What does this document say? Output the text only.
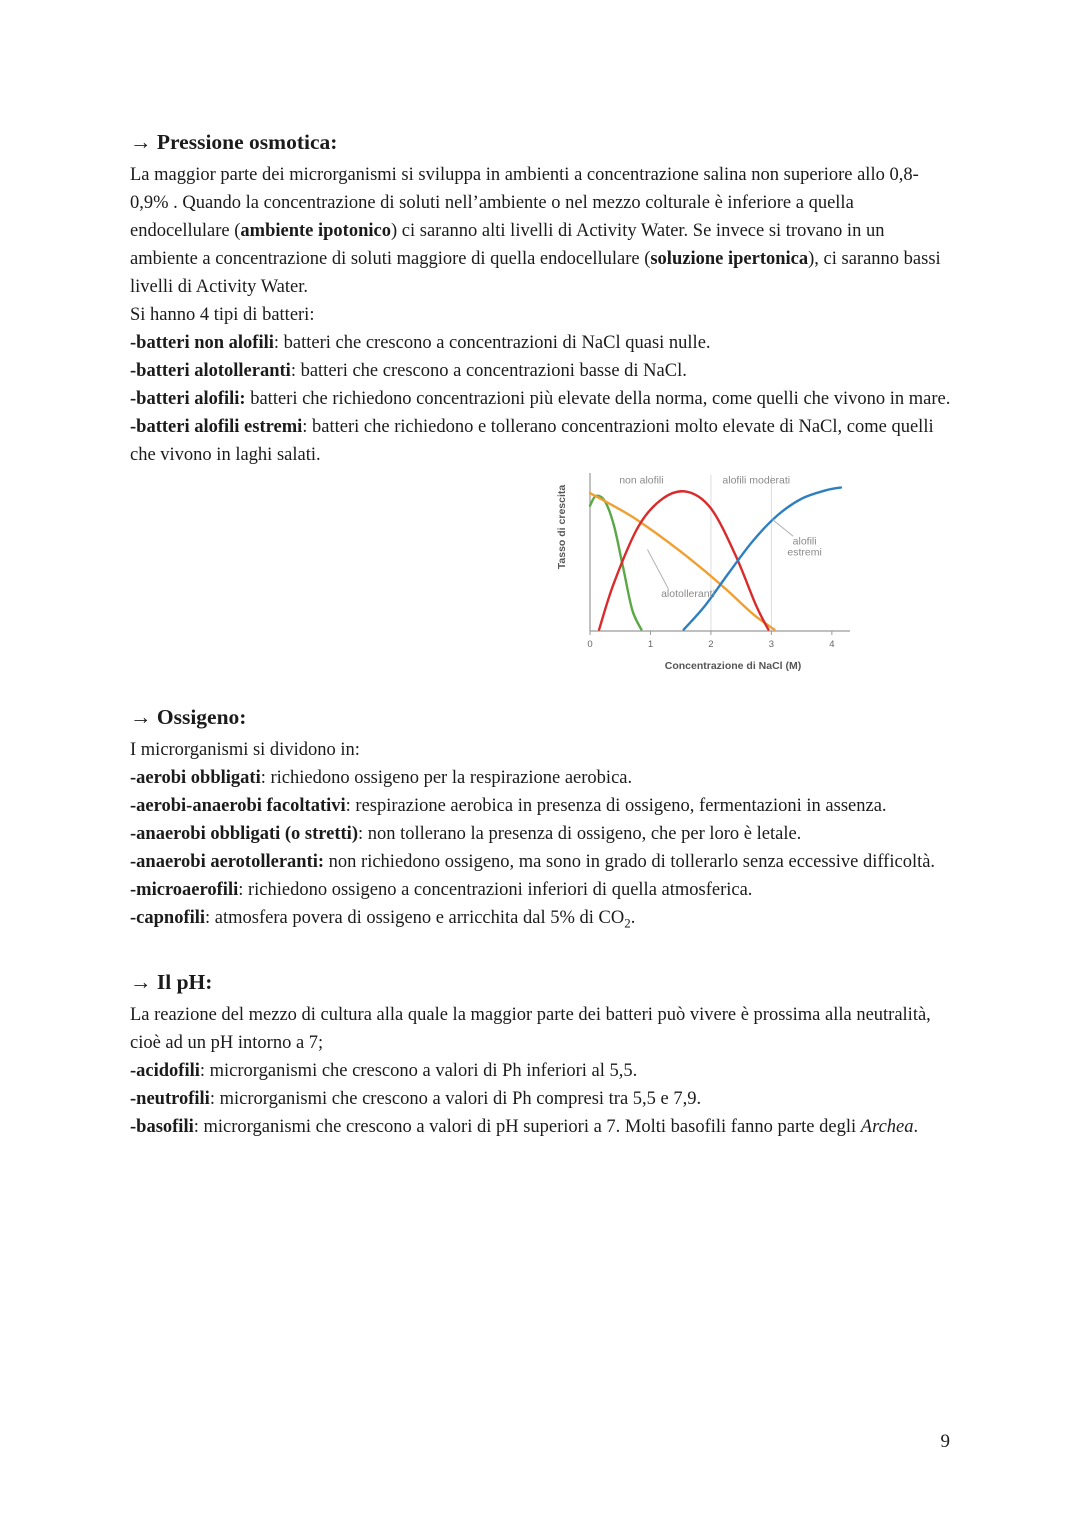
→ Pressione osmotica:

La maggior parte dei microrganismi si sviluppa in ambienti a concentrazione salina non superiore allo 0,8-0,9% . Quando la concentrazione di soluti nell’ambiente o nel mezzo colturale è inferiore a quella endocellulare (ambiente ipotonico) ci saranno alti livelli di Activity Water. Se invece si trovano in un ambiente a concentrazione di soluti maggiore di quella endocellulare (soluzione ipertonica), ci saranno bassi livelli di Activity Water.

Si hanno 4 tipi di batteri:

-batteri non alofili: batteri che crescono a concentrazioni di NaCl quasi nulle.

-batteri alotolleranti: batteri che crescono a concentrazioni basse di NaCl.

-batteri alofili: batteri che richiedono concentrazioni più elevate della norma, come quelli che vivono in mare.

-batteri alofili estremi: batteri che richiedono e tollerano concentrazioni molto elevate di NaCl, come quelli che vivono in laghi salati.

0	1	2	3	4
non alofili	alofili moderati
alofili estremi
alotolleranti
Concentrazione di NaCl (M)
Tasso di crescita
→ Ossigeno:

I microrganismi si dividono in:

-aerobi obbligati: richiedono ossigeno per la respirazione aerobica.

-aerobi-anaerobi facoltativi: respirazione aerobica in presenza di ossigeno, fermentazioni in assenza.

-anaerobi obbligati (o stretti): non tollerano la presenza di ossigeno, che per loro è letale.

-anaerobi aerotolleranti: non richiedono ossigeno, ma sono in grado di tollerarlo senza eccessive difficoltà.

-microaerofili: richiedono ossigeno a concentrazioni inferiori di quella atmosferica.

-capnofili: atmosfera povera di ossigeno e arricchita dal 5% di $CO_2$.

→ Il pH:

La reazione del mezzo di cultura alla quale la maggior parte dei batteri può vivere è prossima alla neutralità, cioè ad un pH intorno a 7;

-acidofili: microrganismi che crescono a valori di Ph inferiori al 5,5.

-neutrofili: microrganismi che crescono a valori di Ph compresi tra 5,5 e 7,9.

-basofili: microrganismi che crescono a valori di pH superiori a 7. Molti basofili fanno parte degli Archea.

9
